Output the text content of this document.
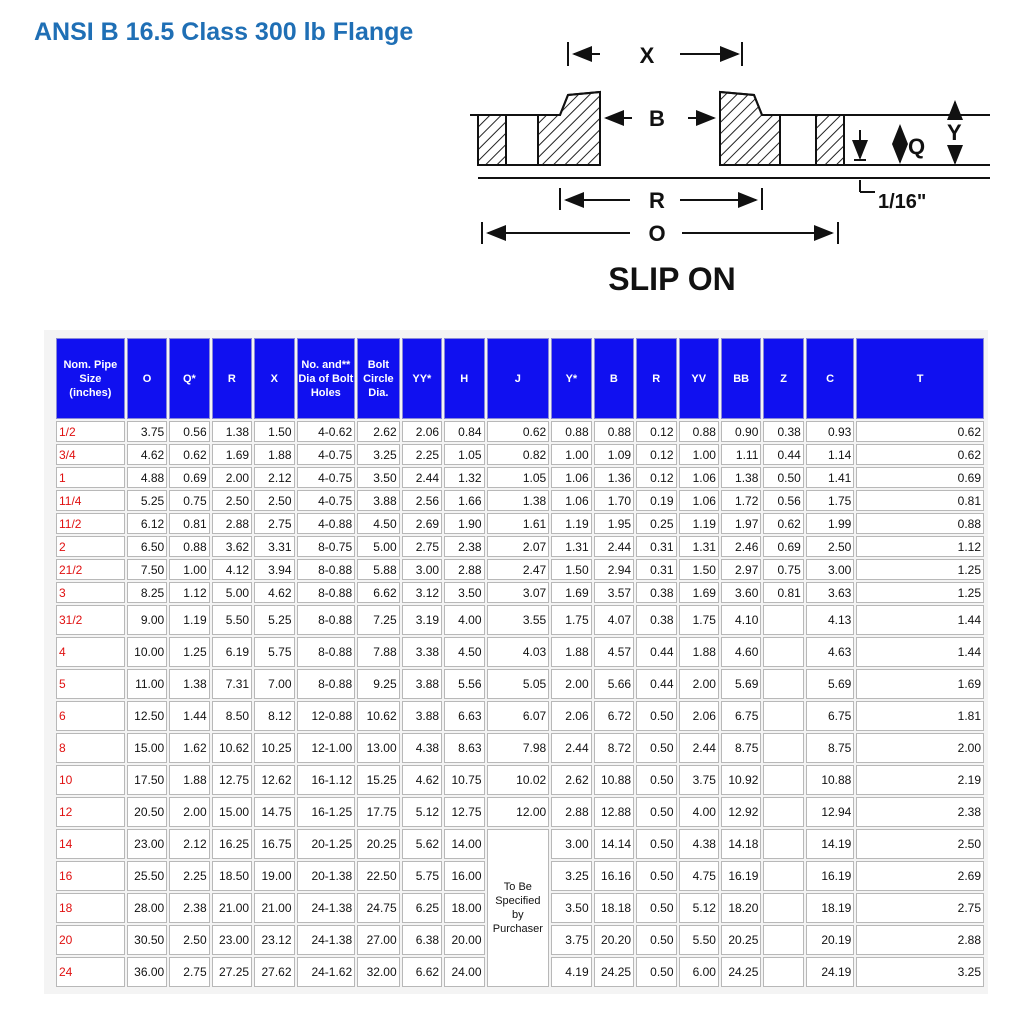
ANSI B 16.5 Class 300 lb Flange
X
B
Q
Y
R	1/16"
O
SLIP ON
Nom. Pipe Size (inches)	O	Q*	R	X	No. and** Dia of Bolt Holes	Bolt Circle Dia.	YY*	H	J	Y*	B	R	YV	BB	Z	C	T
1/2	3.75	0.56	1.38	1.50	4-0.62	2.62	2.06	0.84	0.62	0.88	0.88	0.12	0.88	0.90	0.38	0.93	0.62
3/4	4.62	0.62	1.69	1.88	4-0.75	3.25	2.25	1.05	0.82	1.00	1.09	0.12	1.00	1.11	0.44	1.14	0.62
1	4.88	0.69	2.00	2.12	4-0.75	3.50	2.44	1.32	1.05	1.06	1.36	0.12	1.06	1.38	0.50	1.41	0.69
11/4	5.25	0.75	2.50	2.50	4-0.75	3.88	2.56	1.66	1.38	1.06	1.70	0.19	1.06	1.72	0.56	1.75	0.81
11/2	6.12	0.81	2.88	2.75	4-0.88	4.50	2.69	1.90	1.61	1.19	1.95	0.25	1.19	1.97	0.62	1.99	0.88
2	6.50	0.88	3.62	3.31	8-0.75	5.00	2.75	2.38	2.07	1.31	2.44	0.31	1.31	2.46	0.69	2.50	1.12
21/2	7.50	1.00	4.12	3.94	8-0.88	5.88	3.00	2.88	2.47	1.50	2.94	0.31	1.50	2.97	0.75	3.00	1.25
3	8.25	1.12	5.00	4.62	8-0.88	6.62	3.12	3.50	3.07	1.69	3.57	0.38	1.69	3.60	0.81	3.63	1.25
31/2	9.00	1.19	5.50	5.25	8-0.88	7.25	3.19	4.00	3.55	1.75	4.07	0.38	1.75	4.10		4.13	1.44
4	10.00	1.25	6.19	5.75	8-0.88	7.88	3.38	4.50	4.03	1.88	4.57	0.44	1.88	4.60		4.63	1.44
5	11.00	1.38	7.31	7.00	8-0.88	9.25	3.88	5.56	5.05	2.00	5.66	0.44	2.00	5.69		5.69	1.69
6	12.50	1.44	8.50	8.12	12-0.88	10.62	3.88	6.63	6.07	2.06	6.72	0.50	2.06	6.75		6.75	1.81
8	15.00	1.62	10.62	10.25	12-1.00	13.00	4.38	8.63	7.98	2.44	8.72	0.50	2.44	8.75		8.75	2.00
10	17.50	1.88	12.75	12.62	16-1.12	15.25	4.62	10.75	10.02	2.62	10.88	0.50	3.75	10.92		10.88	2.19
12	20.50	2.00	15.00	14.75	16-1.25	17.75	5.12	12.75	12.00	2.88	12.88	0.50	4.00	12.92		12.94	2.38
14	23.00	2.12	16.25	16.75	20-1.25	20.25	5.62	14.00	To Be Specified by Purchaser	3.00	14.14	0.50	4.38	14.18		14.19	2.50
16	25.50	2.25	18.50	19.00	20-1.38	22.50	5.75	16.00		3.25	16.16	0.50	4.75	16.19		16.19	2.69
18	28.00	2.38	21.00	21.00	24-1.38	24.75	6.25	18.00		3.50	18.18	0.50	5.12	18.20		18.19	2.75
20	30.50	2.50	23.00	23.12	24-1.38	27.00	6.38	20.00		3.75	20.20	0.50	5.50	20.25		20.19	2.88
24	36.00	2.75	27.25	27.62	24-1.62	32.00	6.62	24.00		4.19	24.25	0.50	6.00	24.25		24.19	3.25
